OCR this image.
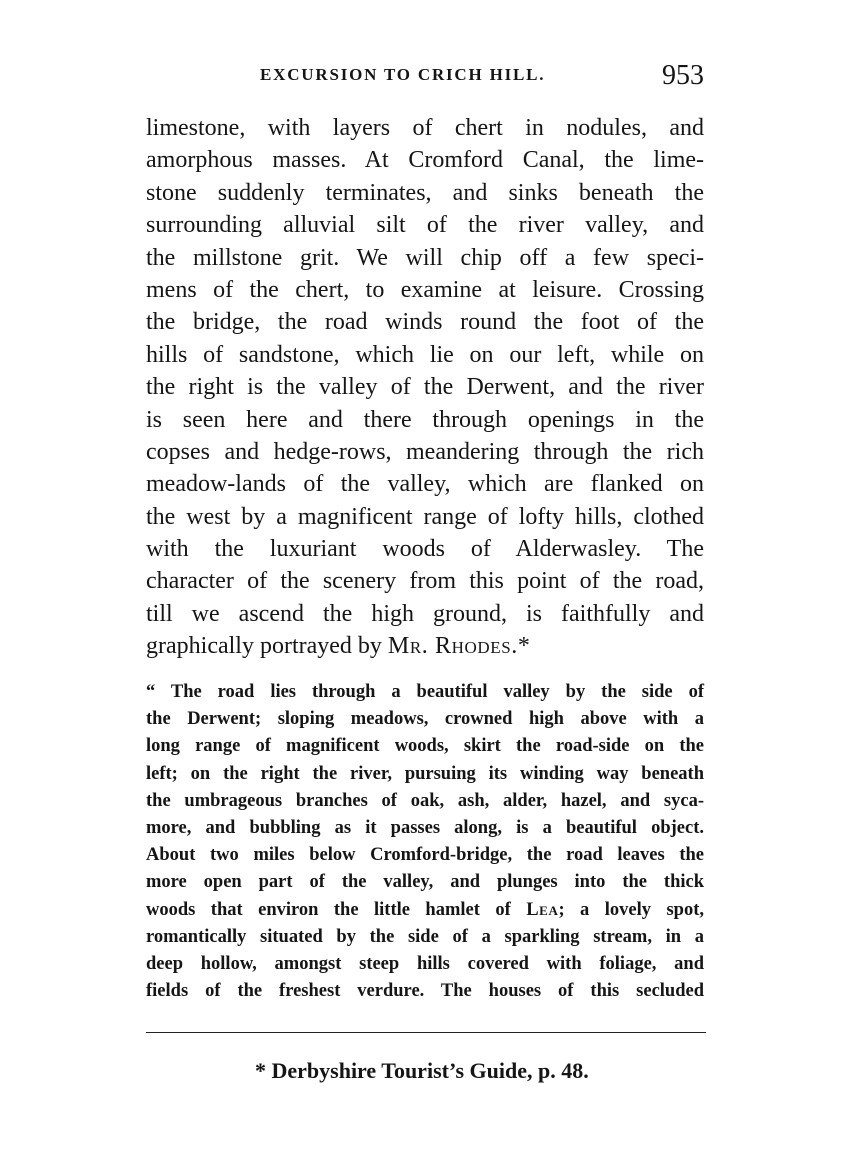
EXCURSION TO CRICH HILL.	953
limestone, with layers of chert in nodules, and
amorphous masses. At Cromford Canal, the lime-
stone suddenly terminates, and sinks beneath the
surrounding alluvial silt of the river valley, and
the millstone grit. We will chip off a few speci-
mens of the chert, to examine at leisure. Crossing
the bridge, the road winds round the foot of the
hills of sandstone, which lie on our left, while on
the right is the valley of the Derwent, and the river
is seen here and there through openings in the
copses and hedge-rows, meandering through the rich
meadow-lands of the valley, which are flanked on
the west by a magnificent range of lofty hills, clothed
with the luxuriant woods of Alderwasley. The
character of the scenery from this point of the road,
till we ascend the high ground, is faithfully and
graphically portrayed by Mr. Rhodes.*
“ The road lies through a beautiful valley by the side of
the Derwent; sloping meadows, crowned high above with a
long range of magnificent woods, skirt the road-side on the
left; on the right the river, pursuing its winding way beneath
the umbrageous branches of oak, ash, alder, hazel, and syca-
more, and bubbling as it passes along, is a beautiful object.
About two miles below Cromford-bridge, the road leaves the
more open part of the valley, and plunges into the thick
woods that environ the little hamlet of Lea; a lovely spot,
romantically situated by the side of a sparkling stream, in a
deep hollow, amongst steep hills covered with foliage, and
fields of the freshest verdure. The houses of this secluded
* Derbyshire Tourist’s Guide, p. 48.
